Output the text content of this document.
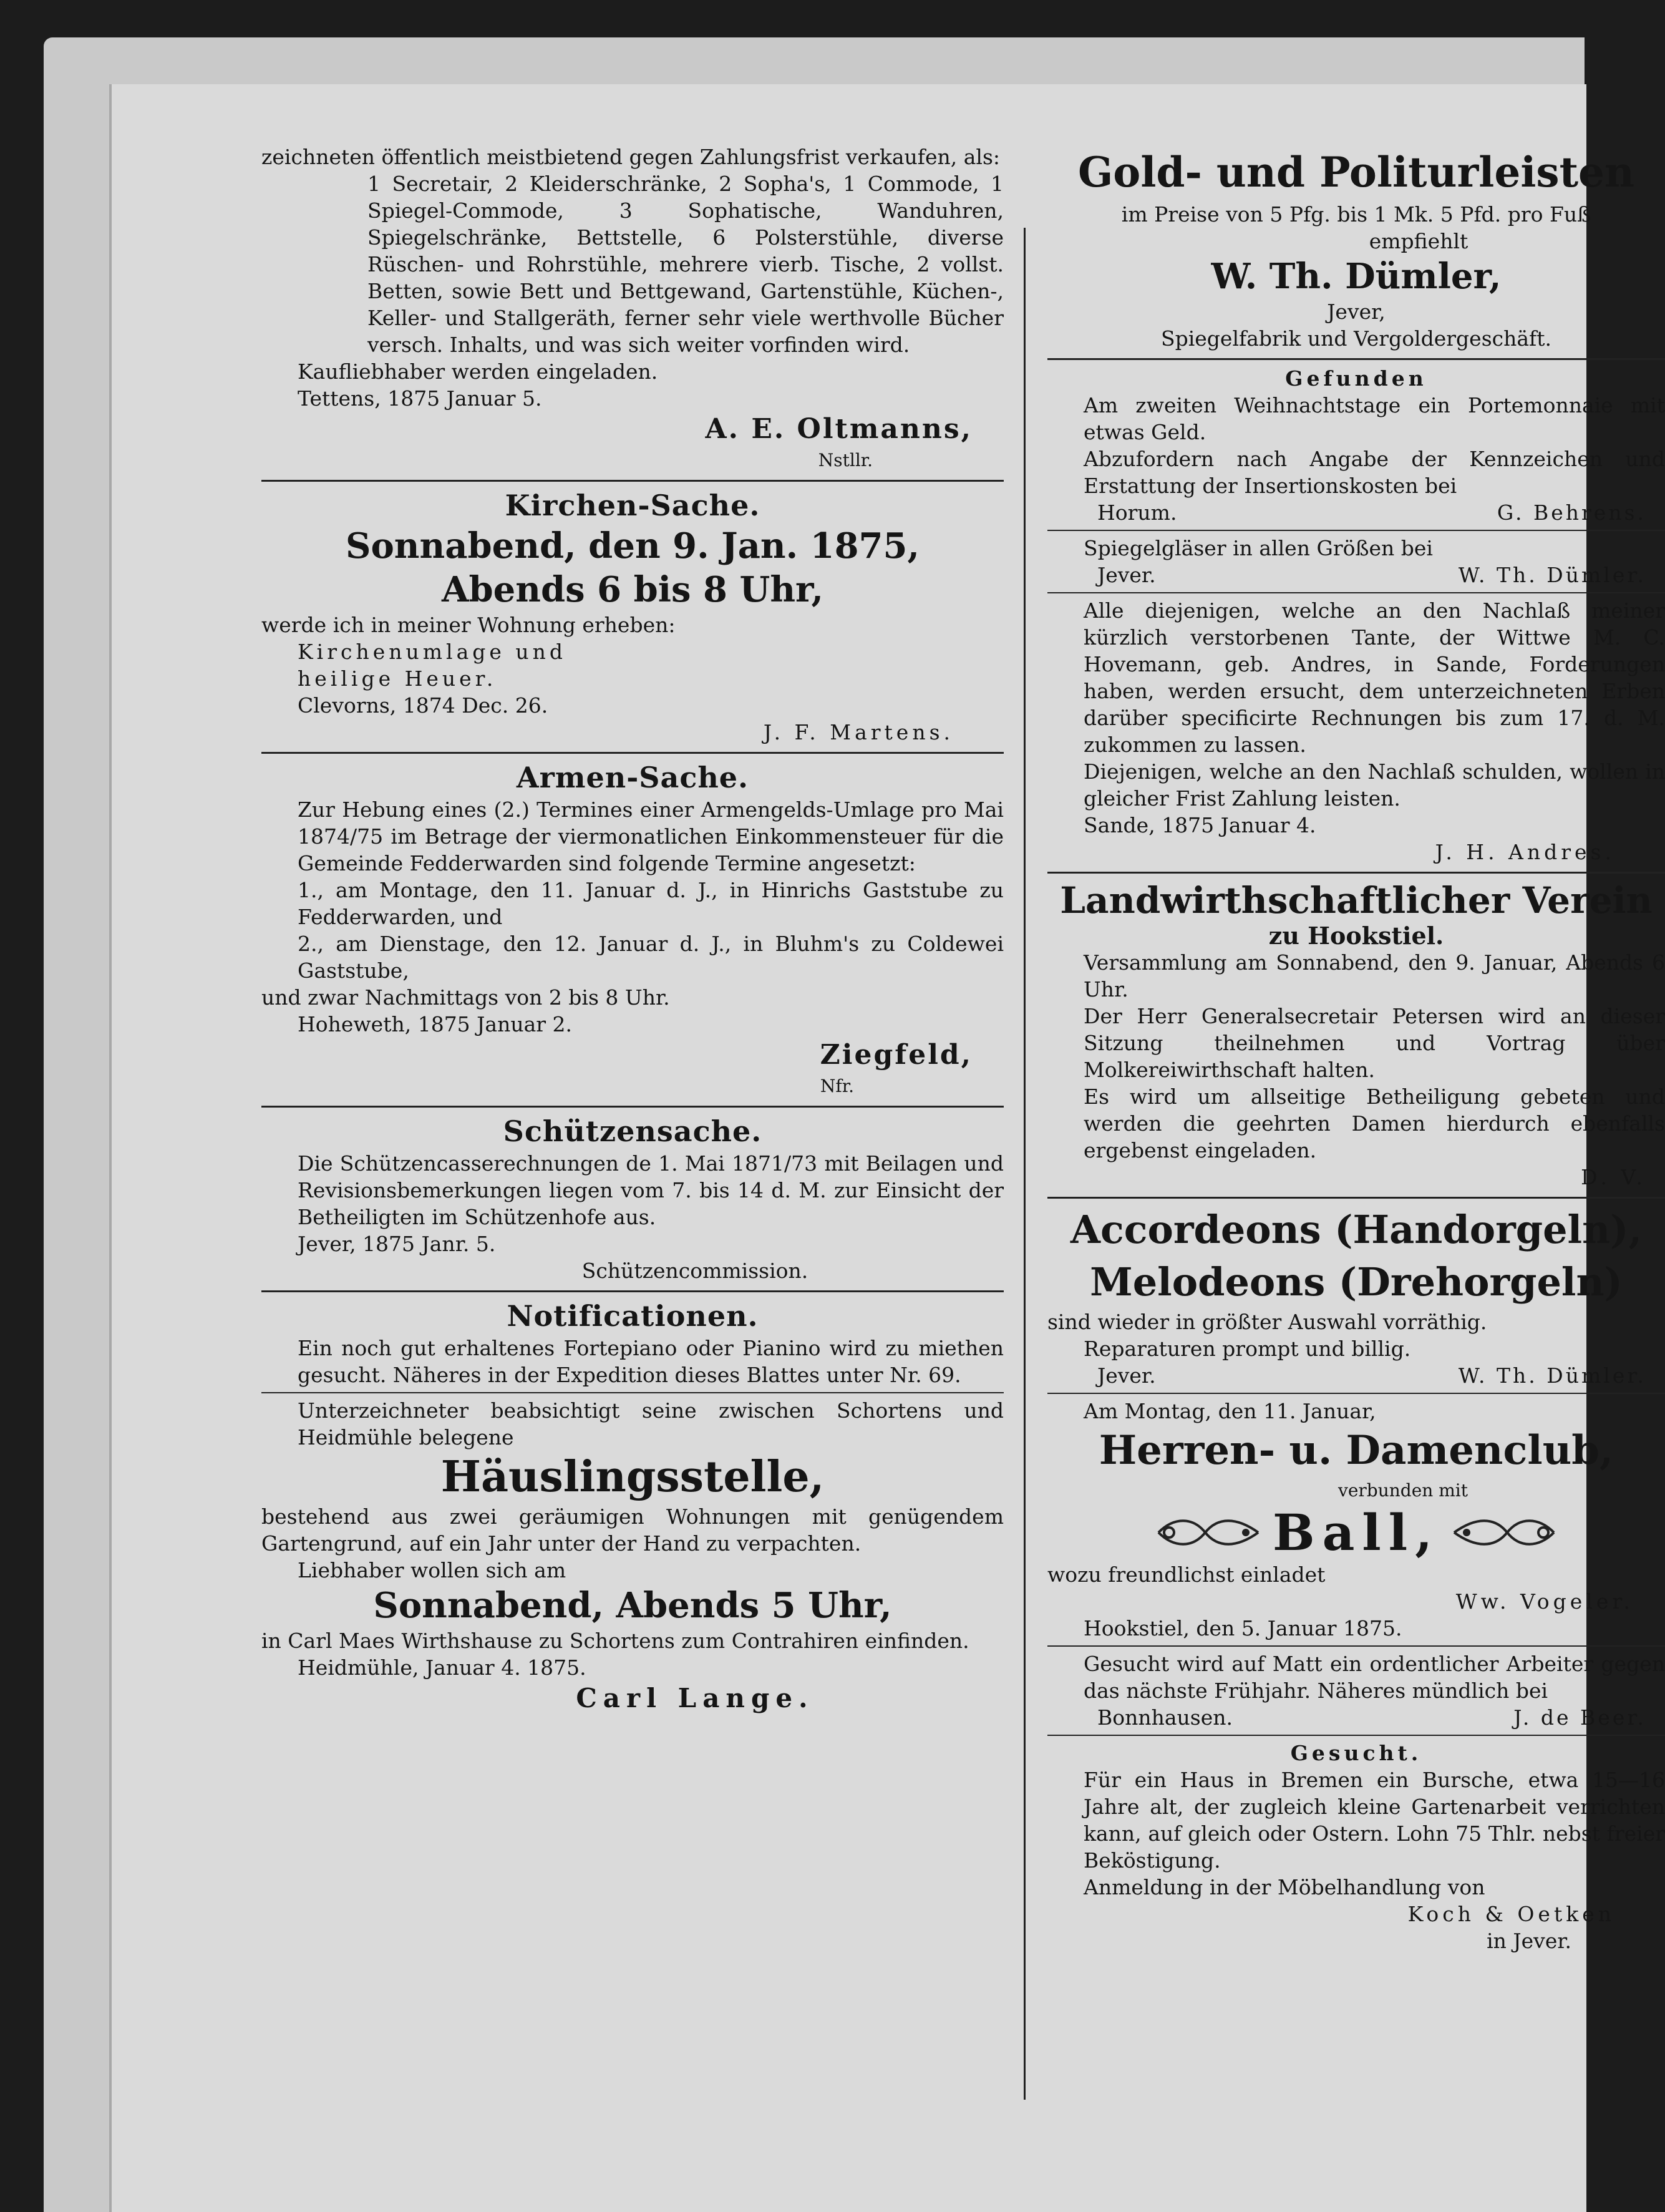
zeichneten öffentlich meistbietend gegen Zahlungsfrist verkaufen, als:

1 Secretair, 2 Kleiderschränke, 2 Sopha's, 1 Commode, 1 Spiegel-Commode, 3 Sophatische, Wanduhren, Spiegelschränke, Bettstelle, 6 Polsterstühle, diverse Rüschen- und Rohrstühle, mehrere vierb. Tische, 2 vollst. Betten, sowie Bett und Bettgewand, Gartenstühle, Küchen-, Keller- und Stallgeräth, ferner sehr viele werthvolle Bücher versch. Inhalts, und was sich weiter vorfinden wird.

Kaufliebhaber werden eingeladen.

Tettens, 1875 Januar 5.

A. E. Oltmanns,

Nstllr.

Kirchen-Sache.

Sonnabend, den 9. Jan. 1875,

Abends 6 bis 8 Uhr,

werde ich in meiner Wohnung erheben:

Kirchenumlage und

heilige Heuer.

Clevorns, 1874 Dec. 26.

J. F. Martens.

Armen-Sache.

Zur Hebung eines (2.) Termines einer Armengelds-Umlage pro Mai 1874/75 im Betrage der viermonatlichen Einkommensteuer für die Gemeinde Fedderwarden sind folgende Termine angesetzt:

1., am Montage, den 11. Januar d. J., in Hinrichs Gaststube zu Fedderwarden, und

2., am Dienstage, den 12. Januar d. J., in Bluhm's zu Coldewei Gaststube,

und zwar Nachmittags von 2 bis 8 Uhr.

Hoheweth, 1875 Januar 2.

Ziegfeld,

Nfr.

Schützensache.

Die Schützencasserechnungen de 1. Mai 1871/73 mit Beilagen und Revisionsbemerkungen liegen vom 7. bis 14 d. M. zur Einsicht der Betheiligten im Schützenhofe aus.

Jever, 1875 Janr. 5.

Schützencommission.

Notificationen.

Ein noch gut erhaltenes Fortepiano oder Pianino wird zu miethen gesucht. Näheres in der Expedition dieses Blattes unter Nr. 69.

Unterzeichneter beabsichtigt seine zwischen Schortens und Heidmühle belegene

Häuslingsstelle,

bestehend aus zwei geräumigen Wohnungen mit genügendem Gartengrund, auf ein Jahr unter der Hand zu verpachten.

Liebhaber wollen sich am

Sonnabend, Abends 5 Uhr,

in Carl Maes Wirthshause zu Schortens zum Contrahiren einfinden.

Heidmühle, Januar 4. 1875.

Carl Lange.

Gold- und Politurleisten

im Preise von 5 Pfg. bis 1 Mk. 5 Pfd. pro Fuß

empfiehlt

W. Th. Dümler,

Jever,

Spiegelfabrik und Vergoldergeschäft.

Gefunden

Am zweiten Weihnachtstage ein Portemonnaie mit etwas Geld.

Abzufordern nach Angabe der Kennzeichen und Erstattung der Insertionskosten bei

Horum.	G. Behrens.

Spiegelgläser in allen Größen bei

Jever.	W. Th. Dümler.

Alle diejenigen, welche an den Nachlaß meiner kürzlich verstorbenen Tante, der Wittwe M. C. Hovemann, geb. Andres, in Sande, Forderungen haben, werden ersucht, dem unterzeichneten Erben darüber specificirte Rechnungen bis zum 17. d. M. zukommen zu lassen.

Diejenigen, welche an den Nachlaß schulden, wollen in gleicher Frist Zahlung leisten.

Sande, 1875 Januar 4.

J. H. Andres.

Landwirthschaftlicher Verein

zu Hookstiel.

Versammlung am Sonnabend, den 9. Januar, Abends 6 Uhr.

Der Herr Generalsecretair Petersen wird an dieser Sitzung theilnehmen und Vortrag über Molkereiwirthschaft halten.

Es wird um allseitige Betheiligung gebeten und werden die geehrten Damen hierdurch ebenfalls ergebenst eingeladen.

D. V.

Accordeons (Handorgeln),

Melodeons (Drehorgeln)

sind wieder in größter Auswahl vorräthig.

Reparaturen prompt und billig.

Jever.	W. Th. Dümler.

Am Montag, den 11. Januar,

Herren- u. Damenclub,

verbunden mit

Ball,

wozu freundlichst einladet

Ww. Vogeler.

Hookstiel, den 5. Januar 1875.

Gesucht wird auf Matt ein ordentlicher Arbeiter gegen das nächste Frühjahr. Näheres mündlich bei

Bonnhausen.	J. de Beer.

Gesucht.

Für ein Haus in Bremen ein Bursche, etwa 15—16 Jahre alt, der zugleich kleine Gartenarbeit verrichten kann, auf gleich oder Ostern. Lohn 75 Thlr. nebst freier Beköstigung.

Anmeldung in der Möbelhandlung von

Koch & Oetken

in Jever.
